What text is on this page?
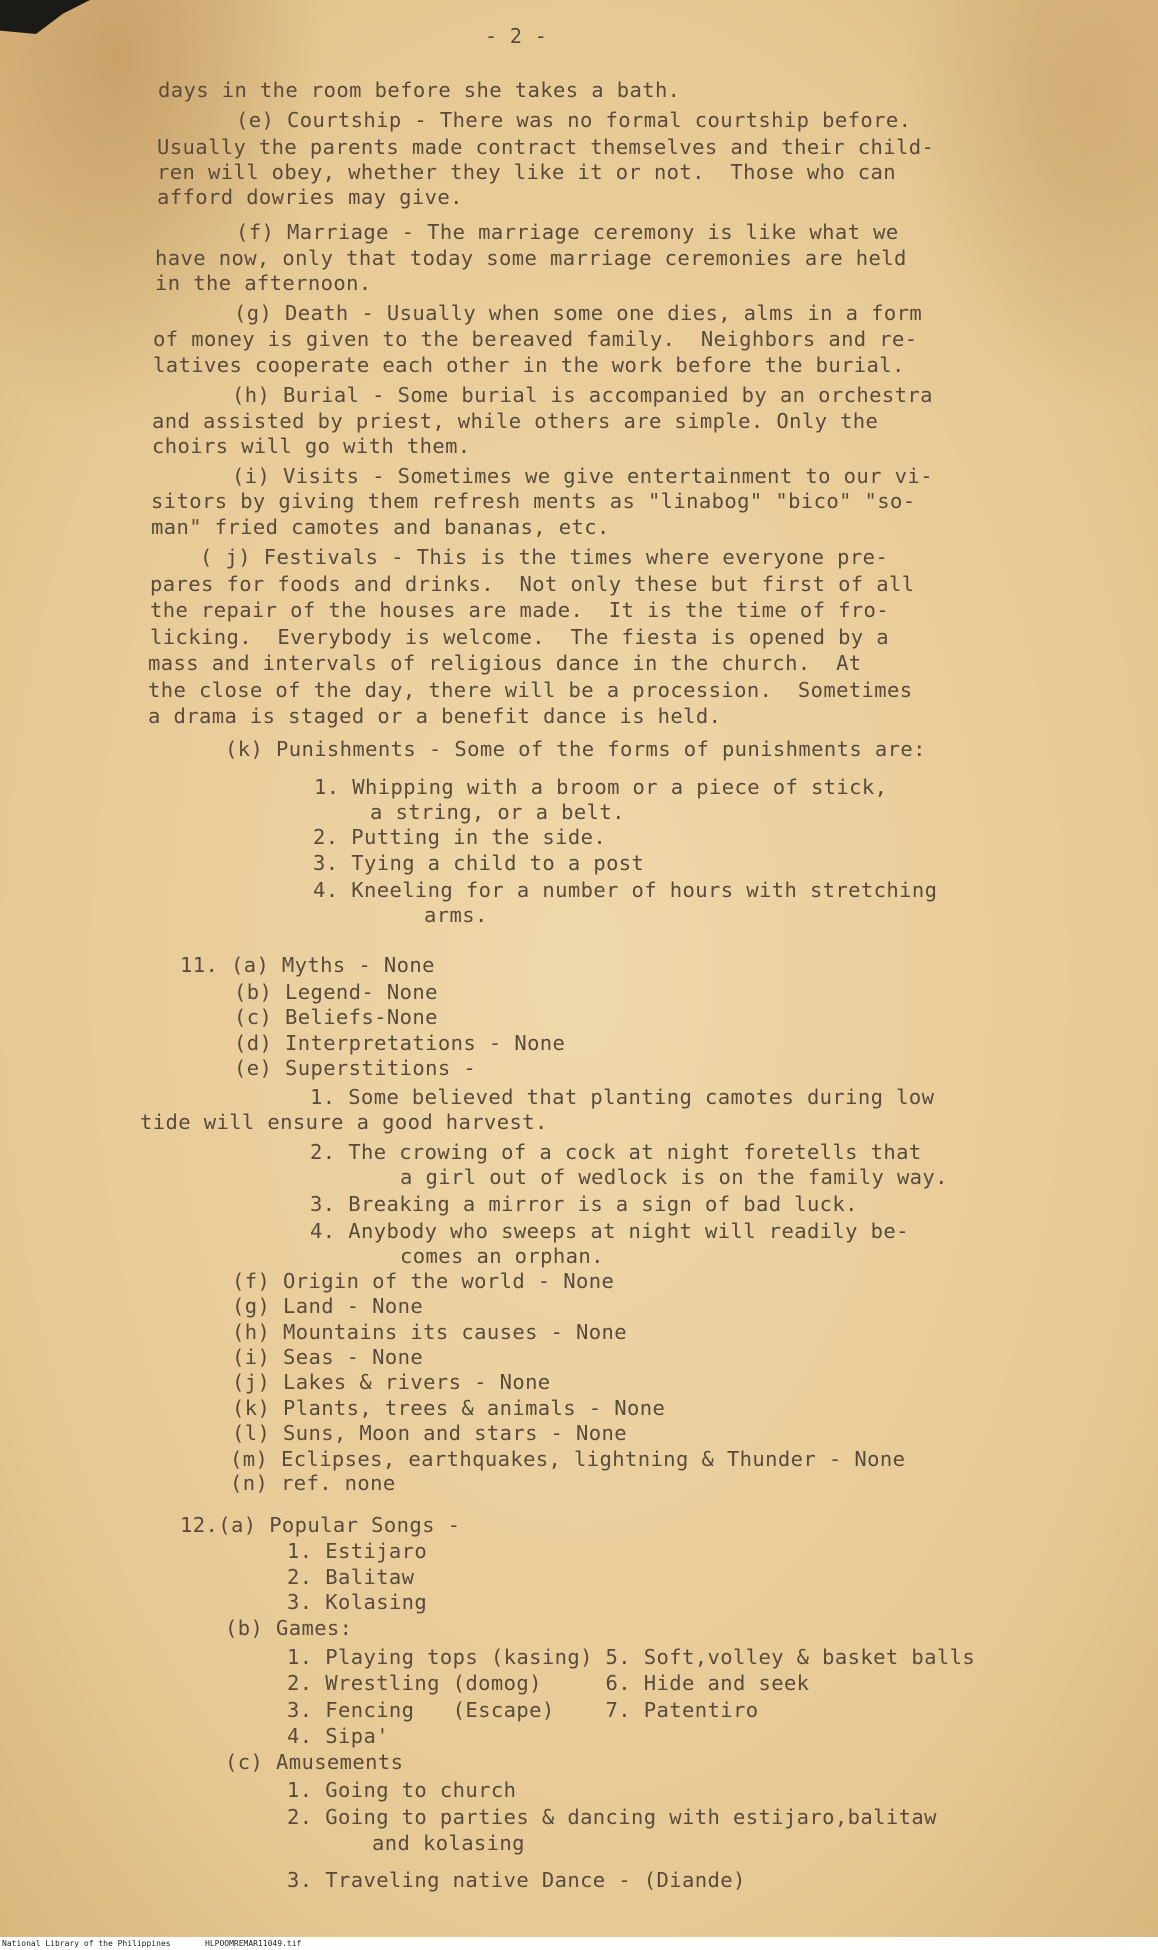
- 2 -
days in the room before she takes a bath.
(e) Courtship - There was no formal courtship before.
Usually the parents made contract themselves and their child-
ren will obey, whether they like it or not.  Those who can
afford dowries may give.
(f) Marriage - The marriage ceremony is like what we
have now, only that today some marriage ceremonies are held
in the afternoon.
(g) Death - Usually when some one dies, alms in a form
of money is given to the bereaved family.  Neighbors and re-
latives cooperate each other in the work before the burial.
(h) Burial - Some burial is accompanied by an orchestra
and assisted by priest, while others are simple. Only the
choirs will go with them.
(i) Visits - Sometimes we give entertainment to our vi-
sitors by giving them refresh ments as "linabog" "bico" "so-
man" fried camotes and bananas, etc.
( j) Festivals - This is the times where everyone pre-
pares for foods and drinks.  Not only these but first of all
the repair of the houses are made.  It is the time of fro-
licking.  Everybody is welcome.  The fiesta is opened by a
mass and intervals of religious dance in the church.  At
the close of the day, there will be a procession.  Sometimes
a drama is staged or a benefit dance is held.
(k) Punishments - Some of the forms of punishments are:
1. Whipping with a broom or a piece of stick,
a string, or a belt.
2. Putting in the side.
3. Tying a child to a post
4. Kneeling for a number of hours with stretching
arms.
11. (a) Myths - None
(b) Legend- None
(c) Beliefs-None
(d) Interpretations - None
(e) Superstitions -
1. Some believed that planting camotes during low
tide will ensure a good harvest.
2. The crowing of a cock at night foretells that
a girl out of wedlock is on the family way.
3. Breaking a mirror is a sign of bad luck.
4. Anybody who sweeps at night will readily be-
comes an orphan.
(f) Origin of the world - None
(g) Land - None
(h) Mountains its causes - None
(i) Seas - None
(j) Lakes & rivers - None
(k) Plants, trees & animals - None
(l) Suns, Moon and stars - None
(m) Eclipses, earthquakes, lightning & Thunder - None
(n) ref. none
12.(a) Popular Songs -
1. Estijaro
2. Balitaw
3. Kolasing
(b) Games:
1. Playing tops (kasing) 5. Soft,volley & basket balls
2. Wrestling (domog)     6. Hide and seek
3. Fencing   (Escape)    7. Patentiro
4. Sipa'
(c) Amusements
1. Going to church
2. Going to parties & dancing with estijaro,balitaw
and kolasing
3. Traveling native Dance - (Diande)

National Library of the Philippines

	HLPOOMREMAR11049.tif
